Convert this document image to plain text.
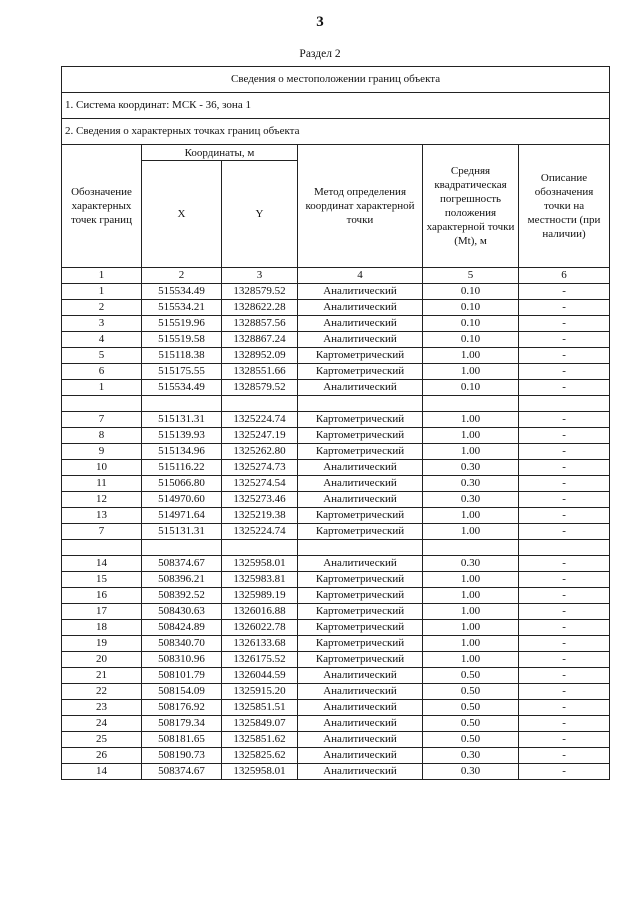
3
Раздел 2
Сведения о местоположении границ объекта					
1. Система координат: МСК - 36, зона 1					
2. Сведения о характерных точках границ объекта					
Обозначение характерных точек границ	Координаты, м		Метод определения координат характерной точки	Средняя квадратическая погрешность положения характерной точки (Mt), м	Описание обозначения точки на местности (при наличии)
	X	Y			
1	2	3	4	5	6
1	515534.49	1328579.52	Аналитический	0.10	-
2	515534.21	1328622.28	Аналитический	0.10	-
3	515519.96	1328857.56	Аналитический	0.10	-
4	515519.58	1328867.24	Аналитический	0.10	-
5	515118.38	1328952.09	Картометрический	1.00	-
6	515175.55	1328551.66	Картометрический	1.00	-
1	515534.49	1328579.52	Аналитический	0.10	-

7	515131.31	1325224.74	Картометрический	1.00	-
8	515139.93	1325247.19	Картометрический	1.00	-
9	515134.96	1325262.80	Картометрический	1.00	-
10	515116.22	1325274.73	Аналитический	0.30	-
11	515066.80	1325274.54	Аналитический	0.30	-
12	514970.60	1325273.46	Аналитический	0.30	-
13	514971.64	1325219.38	Картометрический	1.00	-
7	515131.31	1325224.74	Картометрический	1.00	-

14	508374.67	1325958.01	Аналитический	0.30	-
15	508396.21	1325983.81	Картометрический	1.00	-
16	508392.52	1325989.19	Картометрический	1.00	-
17	508430.63	1326016.88	Картометрический	1.00	-
18	508424.89	1326022.78	Картометрический	1.00	-
19	508340.70	1326133.68	Картометрический	1.00	-
20	508310.96	1326175.52	Картометрический	1.00	-
21	508101.79	1326044.59	Аналитический	0.50	-
22	508154.09	1325915.20	Аналитический	0.50	-
23	508176.92	1325851.51	Аналитический	0.50	-
24	508179.34	1325849.07	Аналитический	0.50	-
25	508181.65	1325851.62	Аналитический	0.50	-
26	508190.73	1325825.62	Аналитический	0.30	-
14	508374.67	1325958.01	Аналитический	0.30	-
